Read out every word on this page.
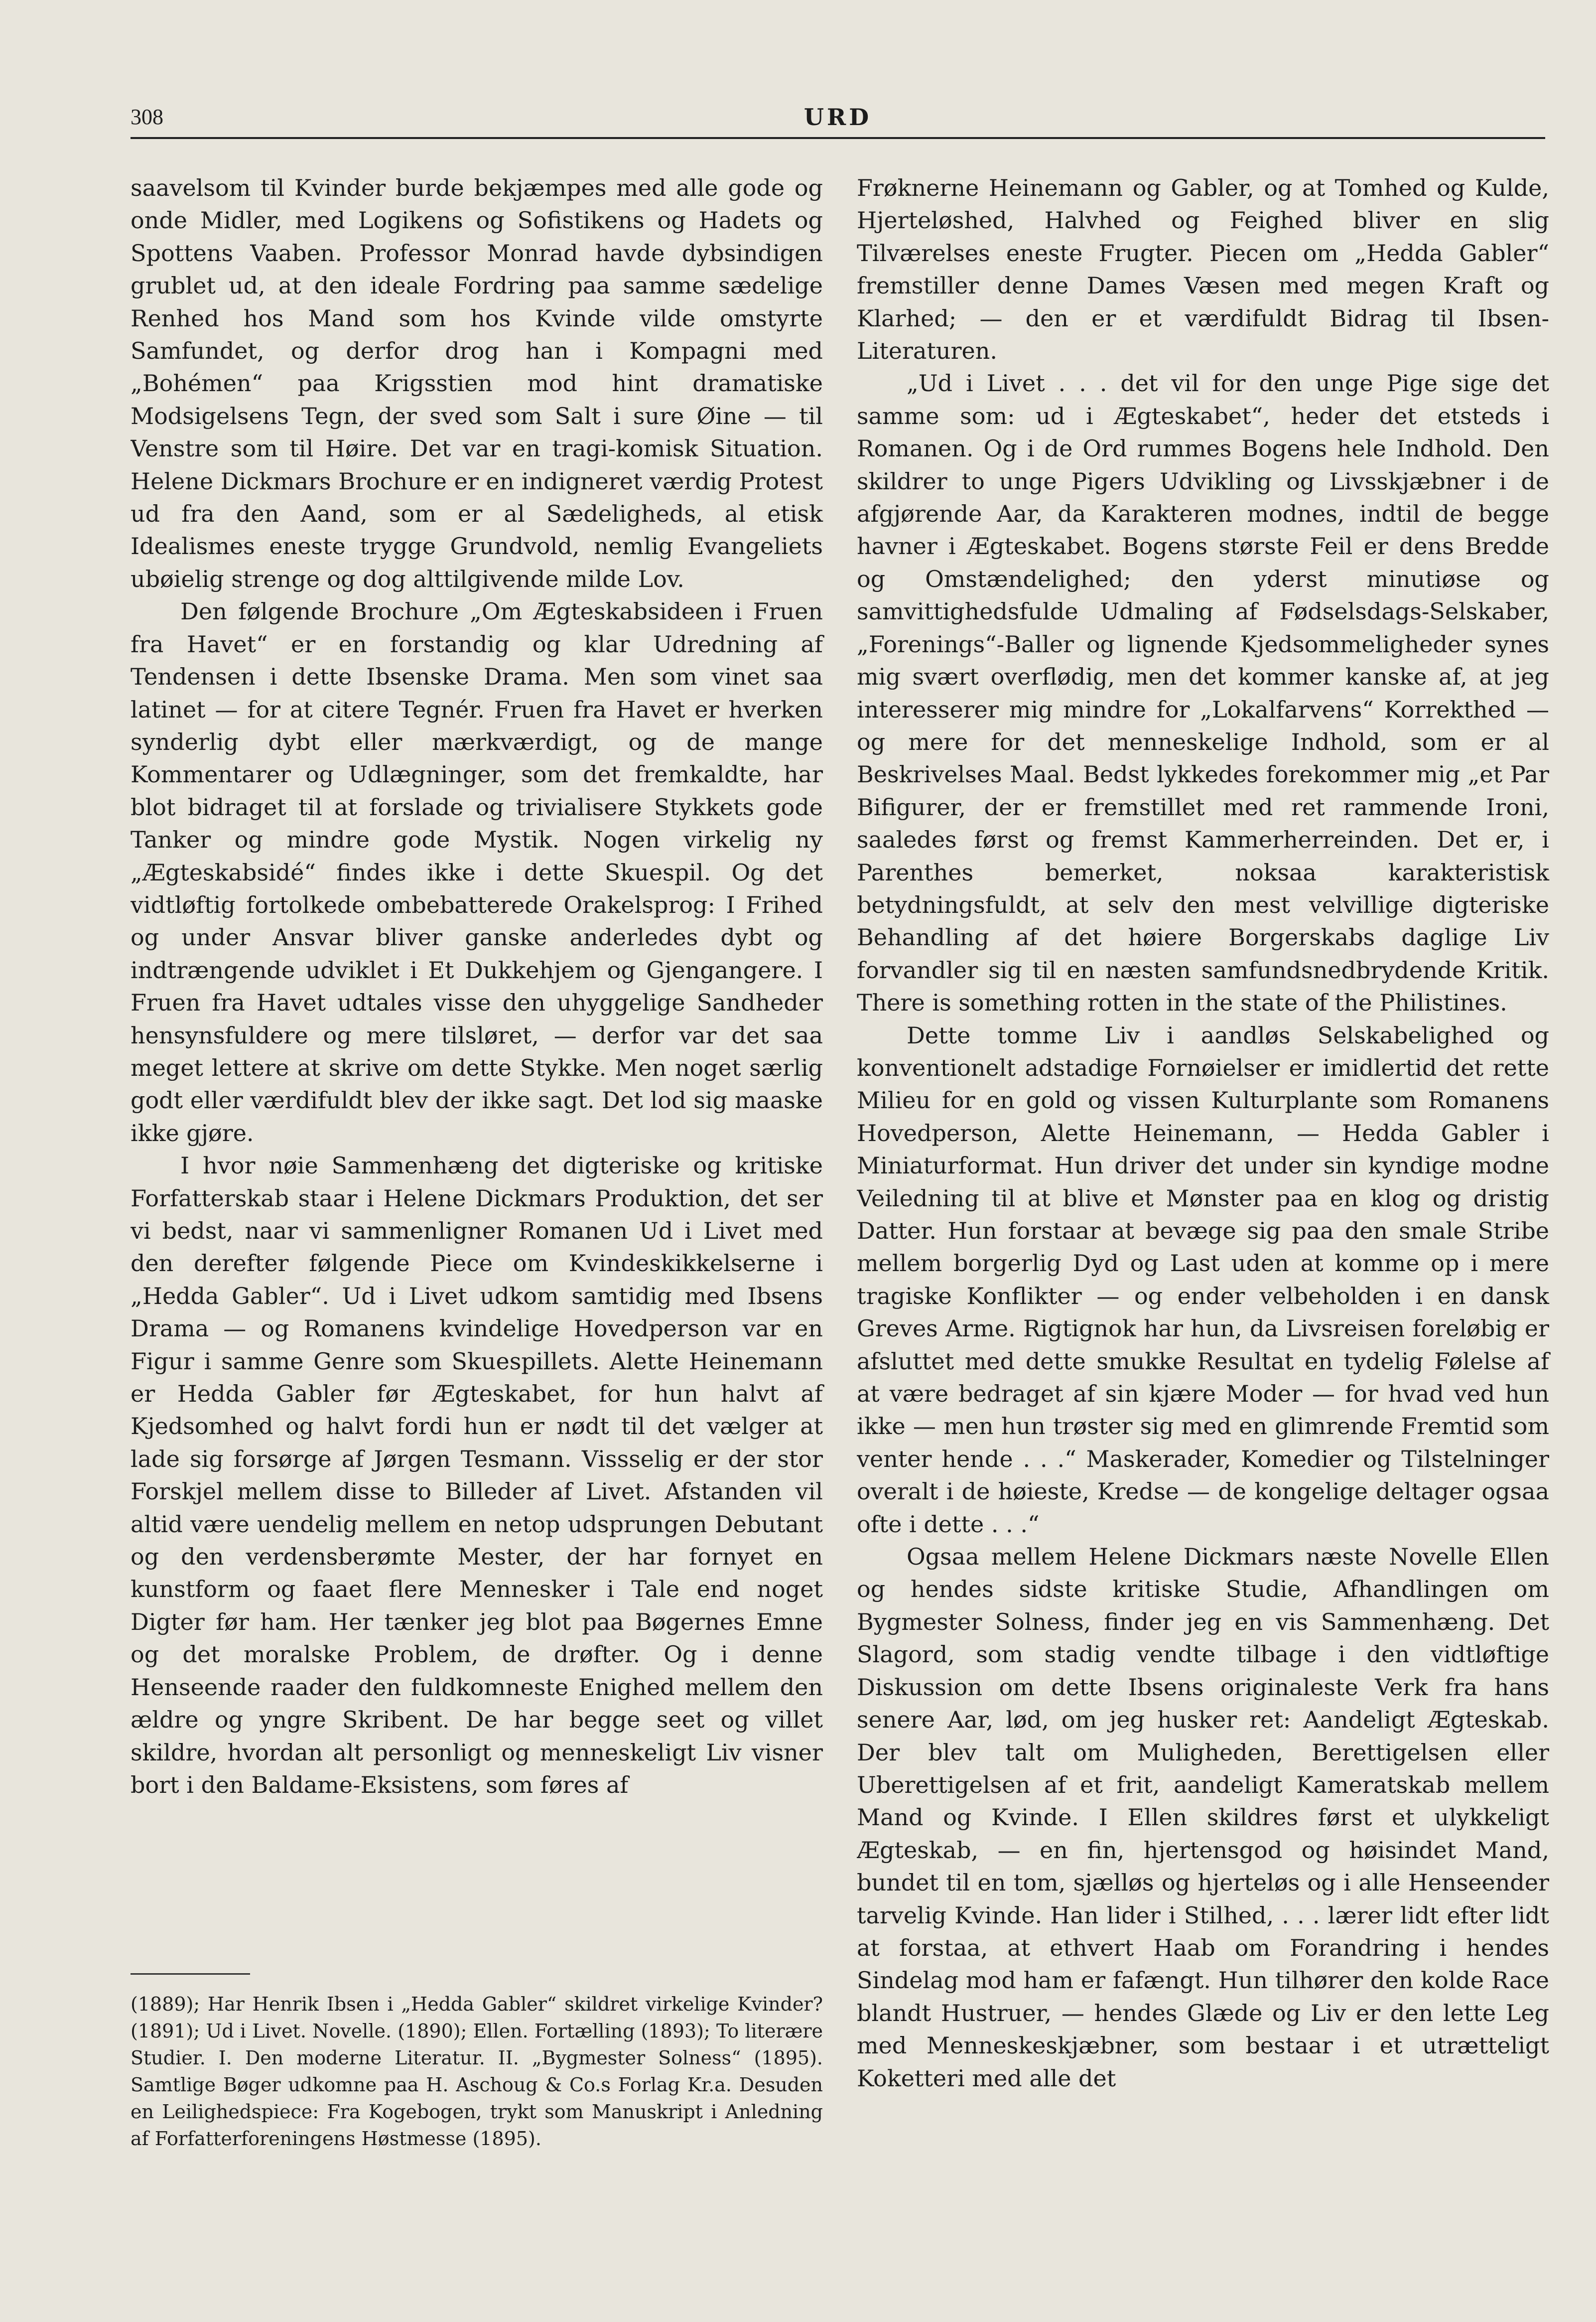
308	URD

saavelsom til Kvinder burde bekjæmpes med alle gode og onde Midler, med Logikens og Sofistikens og Hadets og Spottens Vaaben. Professor Monrad havde dybsindigen grublet ud, at den ideale Fordring paa samme sædelige Renhed hos Mand som hos Kvinde vilde omstyrte Samfundet, og derfor drog han i Kompagni med „Bohémen“ paa Krigsstien mod hint dramatiske Modsigelsens Tegn, der sved som Salt i sure Øine — til Venstre som til Høire. Det var en tragi-komisk Situation. Helene Dickmars Brochure er en indigneret værdig Protest ud fra den Aand, som er al Sædeligheds, al etisk Idealismes eneste trygge Grundvold, nemlig Evangeliets ubøielig strenge og dog alttilgivende milde Lov.

Den følgende Brochure „Om Ægteskabsideen i Fruen fra Havet“ er en forstandig og klar Udredning af Tendensen i dette Ibsenske Drama. Men som vinet saa latinet — for at citere Tegnér. Fruen fra Havet er hverken synderlig dybt eller mærkværdigt, og de mange Kommentarer og Udlægninger, som det fremkaldte, har blot bidraget til at forslade og trivialisere Stykkets gode Tanker og mindre gode Mystik. Nogen virkelig ny „Ægteskabsidé“ findes ikke i dette Skuespil. Og det vidtløftig fortolkede ombebatterede Orakelsprog: I Frihed og under Ansvar bliver ganske anderledes dybt og indtrængende udviklet i Et Dukkehjem og Gjengangere. I Fruen fra Havet udtales visse den uhyggelige Sandheder hensynsfuldere og mere tilsløret, — derfor var det saa meget lettere at skrive om dette Stykke. Men noget særlig godt eller værdifuldt blev der ikke sagt. Det lod sig maaske ikke gjøre.

I hvor nøie Sammenhæng det digteriske og kritiske Forfatterskab staar i Helene Dickmars Produktion, det ser vi bedst, naar vi sammenligner Romanen Ud i Livet med den derefter følgende Piece om Kvindeskikkelserne i „Hedda Gabler“. Ud i Livet udkom samtidig med Ibsens Drama — og Romanens kvindelige Hovedperson var en Figur i samme Genre som Skuespillets. Alette Heinemann er Hedda Gabler før Ægteskabet, for hun halvt af Kjedsomhed og halvt fordi hun er nødt til det vælger at lade sig forsørge af Jørgen Tesmann. Vissselig er der stor Forskjel mellem disse to Billeder af Livet. Afstanden vil altid være uendelig mellem en netop udsprungen Debutant og den verdensberømte Mester, der har fornyet en kunstform og faaet flere Mennesker i Tale end noget Digter før ham. Her tænker jeg blot paa Bøgernes Emne og det moralske Problem, de drøfter. Og i denne Henseende raader den fuldkomneste Enighed mellem den ældre og yngre Skribent. De har begge seet og villet skildre, hvordan alt personligt og menneskeligt Liv visner bort i den Baldame-Eksistens, som føres af

(1889); Har Henrik Ibsen i „Hedda Gabler“ skildret virkelige Kvinder? (1891); Ud i Livet. Novelle. (1890); Ellen. Fortælling (1893); To literære Studier. I. Den moderne Literatur. II. „Bygmester Solness“ (1895). Samtlige Bøger udkomne paa H. Aschoug & Co.s Forlag Kr.a. Desuden en Leilighedspiece: Fra Kogebogen, trykt som Manuskript i Anledning af Forfatterforeningens Høstmesse (1895).

Frøknerne Heinemann og Gabler, og at Tomhed og Kulde, Hjerteløshed, Halvhed og Feighed bliver en slig Tilværelses eneste Frugter. Piecen om „Hedda Gabler“ fremstiller denne Dames Væsen med megen Kraft og Klarhed; — den er et værdifuldt Bidrag til Ibsen-Literaturen.

„Ud i Livet . . . det vil for den unge Pige sige det samme som: ud i Ægteskabet“, heder det etsteds i Romanen. Og i de Ord rummes Bogens hele Indhold. Den skildrer to unge Pigers Udvikling og Livsskjæbner i de afgjørende Aar, da Karakteren modnes, indtil de begge havner i Ægteskabet. Bogens største Feil er dens Bredde og Omstændelighed; den yderst minutiøse og samvittighedsfulde Udmaling af Fødselsdags-Selskaber, „Forenings“-Baller og lignende Kjedsommeligheder synes mig svært overflødig, men det kommer kanske af, at jeg interesserer mig mindre for „Lokalfarvens“ Korrekthed — og mere for det menneskelige Indhold, som er al Beskrivelses Maal. Bedst lykkedes forekommer mig „et Par Bifigurer, der er fremstillet med ret rammende Ironi, saaledes først og fremst Kammerherreinden. Det er, i Parenthes bemerket, noksaa karakteristisk betydningsfuldt, at selv den mest velvillige digteriske Behandling af det høiere Borgerskabs daglige Liv forvandler sig til en næsten samfundsnedbrydende Kritik. There is something rotten in the state of the Philistines.

Dette tomme Liv i aandløs Selskabelighed og konventionelt adstadige Fornøielser er imidlertid det rette Milieu for en gold og vissen Kulturplante som Romanens Hovedperson, Alette Heinemann, — Hedda Gabler i Miniaturformat. Hun driver det under sin kyndige modne Veiledning til at blive et Mønster paa en klog og dristig Datter. Hun forstaar at bevæge sig paa den smale Stribe mellem borgerlig Dyd og Last uden at komme op i mere tragiske Konflikter — og ender velbeholden i en dansk Greves Arme. Rigtignok har hun, da Livsreisen foreløbig er afsluttet med dette smukke Resultat en tydelig Følelse af at være bedraget af sin kjære Moder — for hvad ved hun ikke — men hun trøster sig med en glimrende Fremtid som venter hende . . .“ Maskerader, Komedier og Tilstelninger overalt i de høieste, Kredse — de kongelige deltager ogsaa ofte i dette . . .“

Ogsaa mellem Helene Dickmars næste Novelle Ellen og hendes sidste kritiske Studie, Afhandlingen om Bygmester Solness, finder jeg en vis Sammenhæng. Det Slagord, som stadig vendte tilbage i den vidtløftige Diskussion om dette Ibsens originaleste Verk fra hans senere Aar, lød, om jeg husker ret: Aandeligt Ægteskab. Der blev talt om Muligheden, Berettigelsen eller Uberettigelsen af et frit, aandeligt Kameratskab mellem Mand og Kvinde. I Ellen skildres først et ulykkeligt Ægteskab, — en fin, hjertensgod og høisindet Mand, bundet til en tom, sjælløs og hjerteløs og i alle Henseender tarvelig Kvinde. Han lider i Stilhed, . . . lærer lidt efter lidt at forstaa, at ethvert Haab om Forandring i hendes Sindelag mod ham er fafængt. Hun tilhører den kolde Race blandt Hustruer, — hendes Glæde og Liv er den lette Leg med Menneskeskjæbner, som bestaar i et utrætteligt Koketteri med alle det
